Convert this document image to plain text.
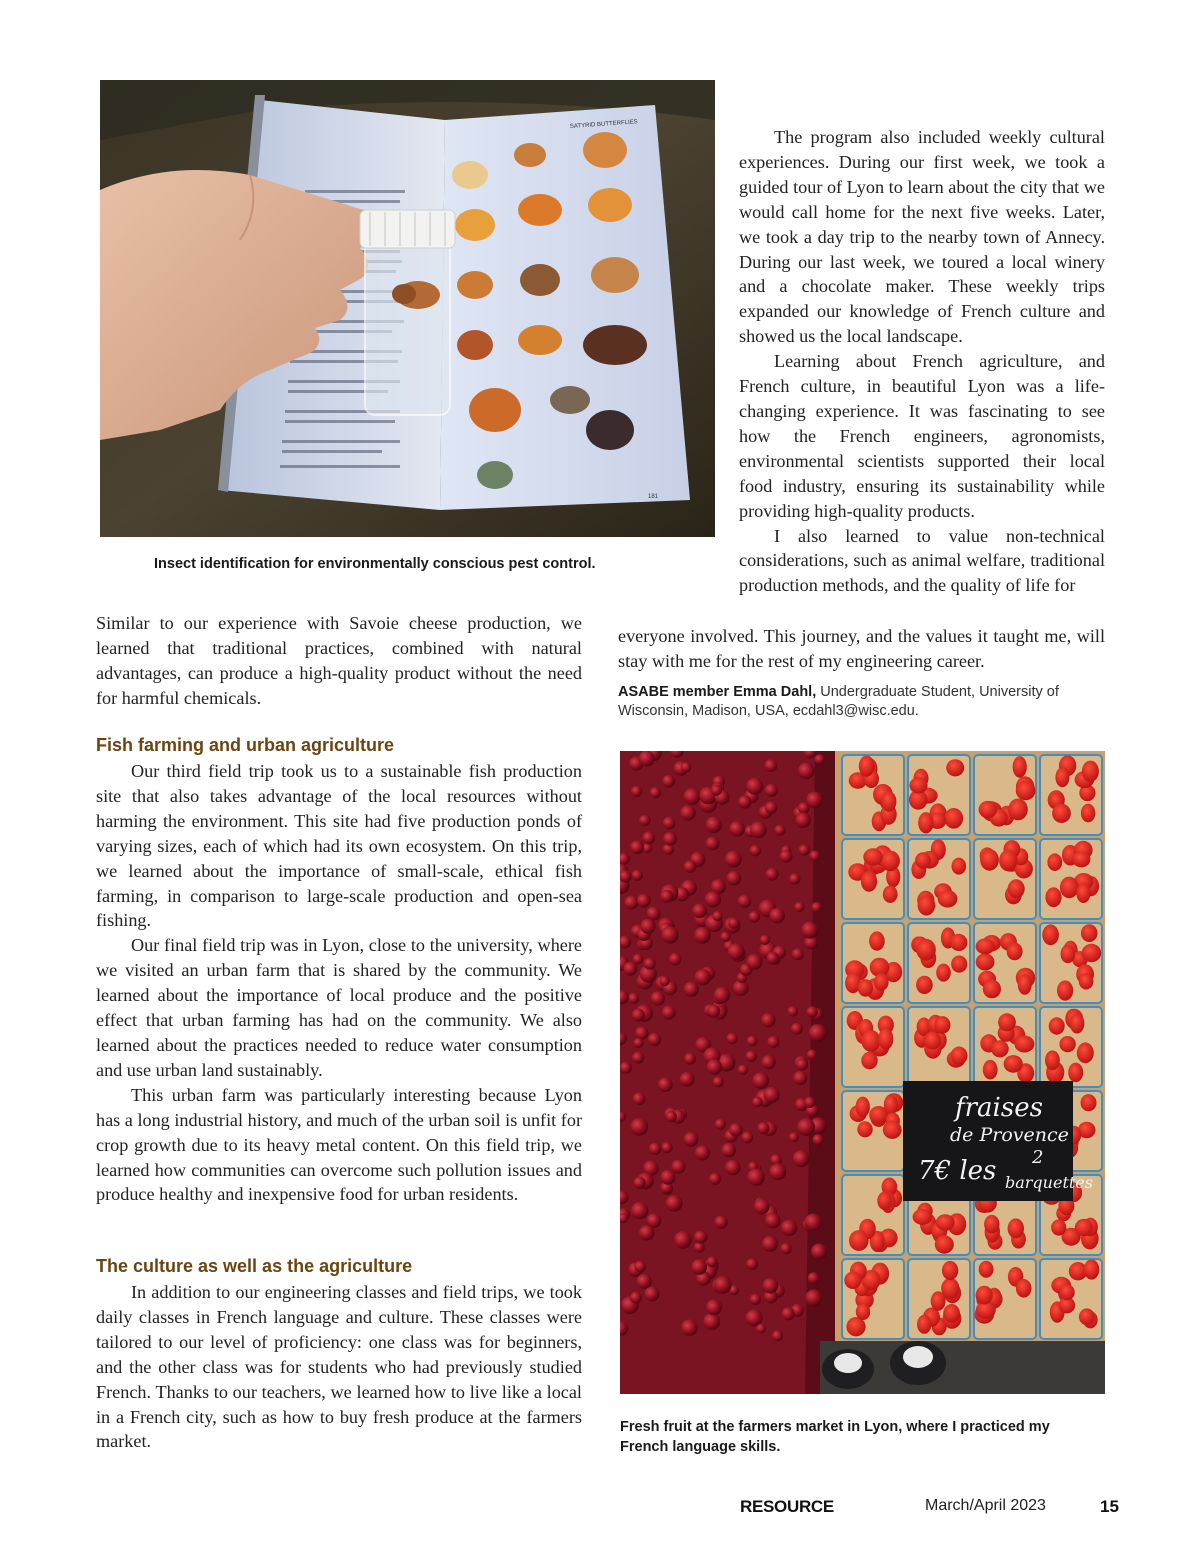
SATYRID BUTTERFLIES
181
Insect identification for environmentally conscious pest control.

The program also included weekly cultural experiences. During our first week, we took a guided tour of Lyon to learn about the city that we would call home for the next five weeks. Later, we took a day trip to the nearby town of Annecy. During our last week, we toured a local winery and a chocolate maker. These weekly trips expanded our knowledge of French culture and showed us the local landscape.

Learning about French agriculture, and French culture, in beautiful Lyon was a life-changing experience. It was fascinating to see how the French engineers, agronomists, environmental scientists supported their local food industry, ensuring its sustainability while providing high-quality products.

I also learned to value non-technical considerations, such as animal welfare, traditional production methods, and the quality of life for

everyone involved. This journey, and the values it taught me, will stay with me for the rest of my engineering career.
ASABE member Emma Dahl, Undergraduate Student, University of Wisconsin, Madison, USA, ecdahl3@wisc.edu.
fraises
de Provence
7€ les 2
barquettes
Fresh fruit at the farmers market in Lyon, where I practiced my French language skills.
Similar to our experience with Savoie cheese production, we learned that traditional practices, combined with natural advantages, can produce a high-quality product without the need for harmful chemicals.
Fish farming and urban agriculture

Our third field trip took us to a sustainable fish production site that also takes advantage of the local resources without harming the environment. This site had five production ponds of varying sizes, each of which had its own ecosystem. On this trip, we learned about the importance of small-scale, ethical fish farming, in comparison to large-scale production and open-sea fishing.

Our final field trip was in Lyon, close to the university, where we visited an urban farm that is shared by the community. We learned about the importance of local produce and the positive effect that urban farming has had on the community. We also learned about the practices needed to reduce water consumption and use urban land sustainably.

This urban farm was particularly interesting because Lyon has a long industrial history, and much of the urban soil is unfit for crop growth due to its heavy metal content. On this field trip, we learned how communities can overcome such pollution issues and produce healthy and inexpensive food for urban residents.

The culture as well as the agriculture

In addition to our engineering classes and field trips, we took daily classes in French language and culture. These classes were tailored to our level of proficiency: one class was for beginners, and the other class was for students who had previously studied French. Thanks to our teachers, we learned how to live like a local in a French city, such as how to buy fresh produce at the farmers market.

RESOURCE	March/April 2023	15
